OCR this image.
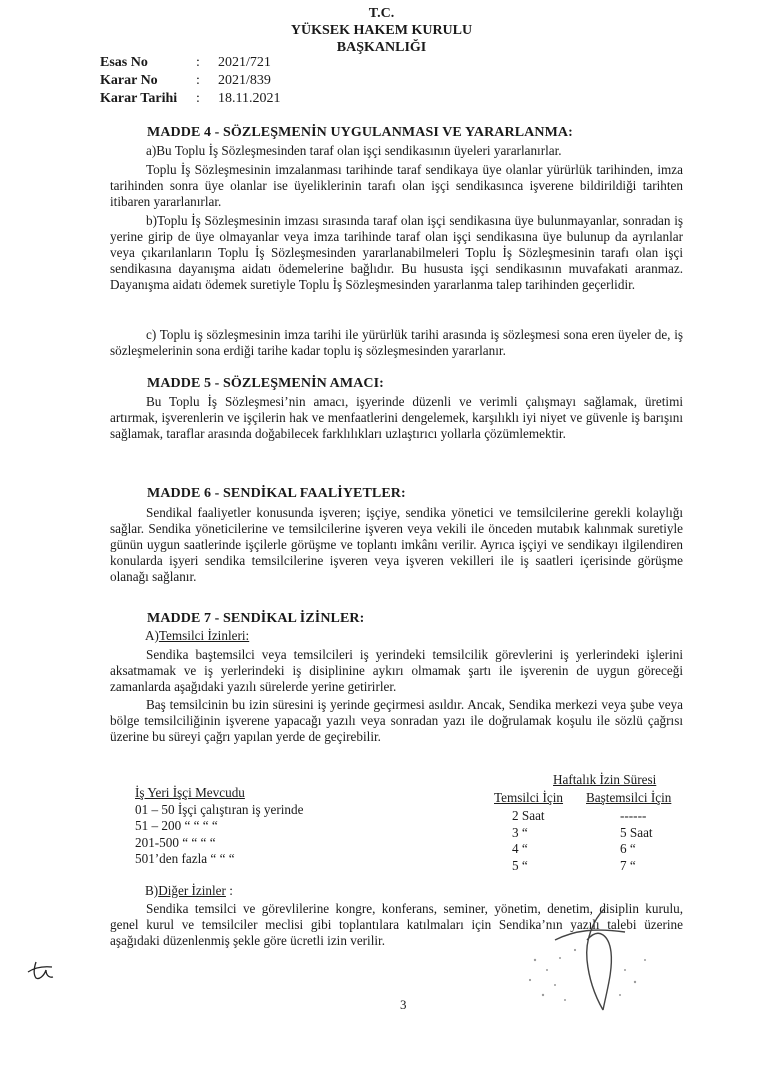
T.C.
YÜKSEK HAKEM KURULU
BAŞKANLIĞI
Esas No	: 2021/721
Karar No	: 2021/839
Karar Tarihi : 18.11.2021
MADDE 4 - SÖZLEŞMENİN UYGULANMASI VE YARARLANMA:

a)Bu Toplu İş Sözleşmesinden taraf olan işçi sendikasının üyeleri yararlanırlar.

Toplu İş Sözleşmesinin imzalanması tarihinde taraf sendikaya üye olanlar yürürlük tarihinden, imza tarihinden sonra üye olanlar ise üyeliklerinin tarafı olan işçi sendikasınca işverene bildirildiği tarihten itibaren yararlanırlar.

b)Toplu İş Sözleşmesinin imzası sırasında taraf olan işçi sendikasına üye bulunmayanlar, sonradan iş yerine girip de üye olmayanlar veya imza tarihinde taraf olan işçi sendikasına üye bulunup da ayrılanlar veya çıkarılanların Toplu İş Sözleşmesinden yararlanabilmeleri Toplu İş Sözleşmesinin tarafı olan işçi sendikasına dayanışma aidatı ödemelerine bağlıdır. Bu hususta işçi sendikasının muvafakati aranmaz. Dayanışma aidatı ödemek suretiyle Toplu İş Sözleşmesinden yararlanma talep tarihinden geçerlidir.

c) Toplu iş sözleşmesinin imza tarihi ile yürürlük tarihi arasında iş sözleşmesi sona eren üyeler de, iş sözleşmelerinin sona erdiği tarihe kadar toplu iş sözleşmesinden yararlanır.

MADDE 5 - SÖZLEŞMENİN AMACI:

Bu Toplu İş Sözleşmesi’nin amacı, işyerinde düzenli ve verimli çalışmayı sağlamak, üretimi artırmak, işverenlerin ve işçilerin hak ve menfaatlerini dengelemek, karşılıklı iyi niyet ve güvenle iş barışını sağlamak, taraflar arasında doğabilecek farklılıkları uzlaştırıcı yollarla çözümlemektir.

MADDE 6 - SENDİKAL FAALİYETLER:

Sendikal faaliyetler konusunda işveren; işçiye, sendika yönetici ve temsilcilerine gerekli kolaylığı sağlar. Sendika yöneticilerine ve temsilcilerine işveren veya vekili ile önceden mutabık kalınmak suretiyle günün uygun saatlerinde işçilerle görüşme ve toplantı imkânı verilir. Ayrıca işçiyi ve sendikayı ilgilendiren konularda işyeri sendika temsilcilerine işveren veya işveren vekilleri ile iş saatleri içerisinde görüşme olanağı sağlanır.

MADDE 7 - SENDİKAL İZİNLER:
A)Temsilci İzinleri:

Sendika baştemsilci veya temsilcileri iş yerindeki temsilcilik görevlerini iş yerlerindeki işlerini aksatmamak ve iş yerlerindeki iş disiplinine aykırı olmamak şartı ile işverenin de uygun göreceği zamanlarda aşağıdaki yazılı sürelerde yerine getirirler.

Baş temsilcinin bu izin süresini iş yerinde geçirmesi asıldır. Ancak, Sendika merkezi veya şube veya bölge temsilciliğinin işverene yapacağı yazılı veya sonradan yazı ile doğrulamak koşulu ile sözlü çağrısı üzerine bu süreyi çağrı yapılan yerde de geçirebilir.

İş Yeri İşçi Mevcudu
01 – 50 İşçi çalıştıran iş yerinde
51 – 200 “ “ “ “
201-500 “ “ “ “
501’den fazla “ “ “
Haftalık İzin Süresi
Temsilci İçin Baştemsilci İçin
2 Saat
3 “
4 “
5 “
------
5 Saat
6 “
7 “
B)Diğer İzinler :

Sendika temsilci ve görevlilerine kongre, konferans, seminer, yönetim, denetim, disiplin kurulu, genel kurul ve temsilciler meclisi gibi toplantılara katılmaları için Sendika’nın yazılı talebi üzerine aşağıdaki düzenlenmiş şekle göre ücretli izin verilir.

3
